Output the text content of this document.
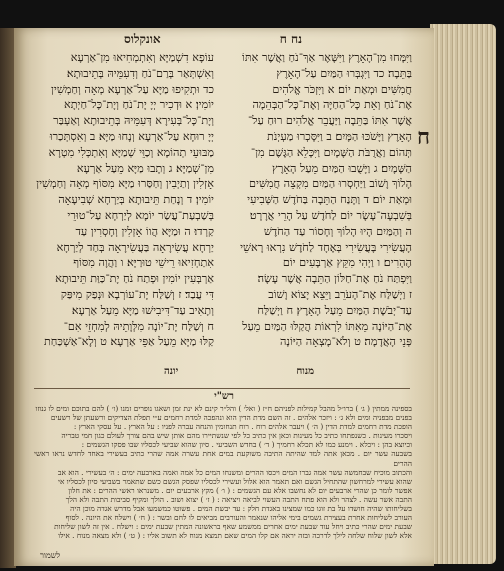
נח ח
אונקלוס
ח

וַיִּמָּחוּ מִן־הָאָרֶץ וַיִּשָּׁאֶר אַךְ־נֹחַ וַאֲשֶׁר אִתּוֹ

בַּתֵּבָה׃ כד וַיִּגְבְּרוּ הַמַּיִם עַל־הָאָרֶץ

חֲמִשִּׁים וּמְאַת יוֹם׃ א וַיִּזְכֹּר אֱלֹהִים

אֶת־נֹחַ וְאֵת כָּל־הַחַיָּה וְאֶת־כָּל־הַבְּהֵמָה

אֲשֶׁר אִתּוֹ בַּתֵּבָה וַיַּעֲבֵר אֱלֹהִים רוּחַ עַל־

הָאָרֶץ וַיָּשֹׁכּוּ הַמָּיִם׃ ב וַיִּסָּכְרוּ מַעְיְנֹת

תְּהוֹם וַאֲרֻבֹּת הַשָּׁמָיִם וַיִּכָּלֵא הַגֶּשֶׁם מִן־

הַשָּׁמָיִם׃ ג וַיָּשֻׁבוּ הַמַּיִם מֵעַל הָאָרֶץ

הָלוֹךְ וָשׁוֹב וַיַּחְסְרוּ הַמַּיִם מִקְצֵה חֲמִשִּׁים

וּמְאַת יוֹם׃ ד וַתָּנַח הַתֵּבָה בַּחֹדֶשׁ הַשְּׁבִיעִי

בְּשִׁבְעָה־עָשָׂר יוֹם לַחֹדֶשׁ עַל הָרֵי אֲרָרָט׃

ה וְהַמַּיִם הָיוּ הָלוֹךְ וְחָסוֹר עַד הַחֹדֶשׁ

הָעֲשִׂירִי בָּעֲשִׂירִי בְּאֶחָד לַחֹדֶשׁ נִרְאוּ רָאשֵׁי

הֶהָרִים׃ ו וַיְהִי מִקֵּץ אַרְבָּעִים יוֹם

וַיִּפְתַּח נֹחַ אֶת־חַלּוֹן הַתֵּבָה אֲשֶׁר עָשָׂה׃

ז וַיְשַׁלַּח אֶת־הָעֹרֵב וַיֵּצֵא יָצוֹא וָשׁוֹב

עַד־יְבֹשֶׁת הַמַּיִם מֵעַל הָאָרֶץ׃ ח וַיְשַׁלַּח

אֶת־הַיּוֹנָה מֵאִתּוֹ לִרְאוֹת הֲקַלּוּ הַמַּיִם מֵעַל

פְּנֵי הָאֲדָמָה׃ ט וְלֹא־מָצְאָה הַיּוֹנָה

עוֹפָא דִשְׁמַיָּא וְאִתְמְחִיאוּ מִן־אַרְעָא

וְאִשְׁתְּאַר בְּרַם־נֹחַ וְדִעִמֵּיהּ בְּתֵיבוּתָא׃

כד וּתְקִיפוּ מַיָּא עַל־אַרְעָא מְאָה וְחַמְשִׁין

יוֹמִין׃ א וּדְכִיר יְיָ יָת־נֹחַ וְיָת־כָּל־חַיְתָא

וְיָת־כָּל־בְּעִירָא דְּעִמֵּיהּ בְּתֵיבוּתָא וְאַעְבַּר

יְיָ רוּחָא עַל־אַרְעָא וְנָחוּ מַיָּא׃ ב וְאִסְתְּכַרוּ

מַבּוּעֵי תְהוֹמָא וְכַוֵּי שְׁמַיָּא וְאִתְכְּלִי מִטְרָא

מִן־שְׁמַיָּא׃ ג וְתָבוּ מַיָּא מֵעַל אַרְעָא

אָזְלִין וְתַיְבִין וְחַסַּרוּ מַיָּא מִסּוֹף מְאָה וְחַמְשִׁין

יוֹמִין׃ ד וְנָחַת תֵּיבוּתָא בְּיַרְחָא שְׁבִיעָאָה

בְּשַׁבְעַת־עֲשַׂר יוֹמָא לְיַרְחָא עַל־טוּרֵי

קַרְדוּ׃ ה וּמַיָּא הֲווֹ אָזְלִין וְחָסְרִין עַד

יַרְחָא עֲשִׂירָאָה בַּעֲשִׂירָאָה בְּחַד לְיַרְחָא

אִתַחְזִיאוּ רֵישֵׁי טוּרַיָּא׃ ו וַהֲוָה מִסּוֹף

אַרְבְּעִין יוֹמִין וּפְתַח נֹחַ יָת־כַּוַּת תֵּיבוּתָא

דִּי עֲבַד׃ ז וְשַׁלַּח יָת־עוֹרְבָא וּנְפַק מִיפַּק

וְתָאִיב עַד־דִּיבִישׁוּ מַיָּא מֵעַל אַרְעָא׃

ח וְשַׁלַּח יָת־יוֹנָה מִלְּוָתֵיהּ לְמִחְזֵי אִם־

קַלּוּ מַיָּא מֵעַל אַפֵּי אַרְעָא׃ ט וְלָא־אַשְׁכַּחַת

יונה	מנוח
רש"י

בספינה ממתין ( ג׳ ) ברו״ל מהבל קמילות לפניהם ח״ז ( ואל׳ ) והל״ר קינם לא ינת זמן ושאגו נופרים זמנו (ו׳ ) להם בתוכם ומים לו גנוזו

בפנים מבפניה ומים ולא ג׳ : ויזכר אלהים . זה השם מדת הדין הוא ונהפכה למדת רחמים ע״י תפלת הצדיקים ורשעתן של רשעים

הופכת מדת רחמים למדת הדין ( ה׳ ) ויעבר אלהים רוח . רוח תנחומין והנחה עברה לפניו : על הארץ . על עסקי הארץ :

ויסכרו מעינות . כשנפתחו כתיב כל מעינות וכאן אין כתיב כל לפי שנשתיירו מהם אותן שיש בהם צורך לעולם כגון חמי טבריה

וכיוצא בהן : ויכלא . וימנע כמו לא תכלא רחמיך ( ד׳ ) בחדש השביעי . סיון שהוא שביעי לכסליו שבו פסקו הגשמים :

בשבעה עשר יום . מכאן אתה למד שהיתה התיבה משוקעת במים אחת עשרה אמה שהרי כתיב בעשירי באחד לחדש נראו ראשי ההרים

והכתוב מוכיח שבחמשה עשר אמה גברו המים ויכסו ההרים ומשנחו המים כל אמה ואמה בארבעה ימים : ה׳ בעשירי . הוא אב

שהוא עשירי למרחשון שהתחיל הגשם ואם תאמר הוא אלול ועשירי לכסליו שפסק הגשם כשם שתאמר בשביעי סיון לכסליו אי

אפשר לומר כן שהרי ארבעים יום לא נחשבו אלא עם הגשמים : ( ו׳ ) מקץ ארבעים יום . משנראו ראשי ההרים : את חלון

התבה אשר עשה . לצהר ולא הוא פתח התבה העשוי לביאה ויציאה : ( ז׳ ) יצוא ושוב . הולך ומקיף סביבות התבה ולא הלך

בשליחותו שהיה חושדו על בת זוגו כמו שמצינו באגדת חלק : עד יבשת המים . פשוטו כמשמעו אבל מדרש אגדה מוכן היה

העורב לשליחות אחרת בעצירת גשמים בימי אליהו שנאמר והעורבים מביאים לו לחם ובשר : ( ח׳ ) וישלח את היונה . לסוף

שבעת ימים שהרי כתיב ויחל עוד שבעת ימים אחרים ממשמע שאף בראשונה המתין שבעת ימים : וישלח . אין זה לשון שליחות

אלא לשון שלוח שלחה לילך לדרכה ובזה יראה אם קלו המים שאם תמצא מנוח לא תשוב אליו : ( ט׳ ) ולא מצאה מנוח . אילו

לשמור
